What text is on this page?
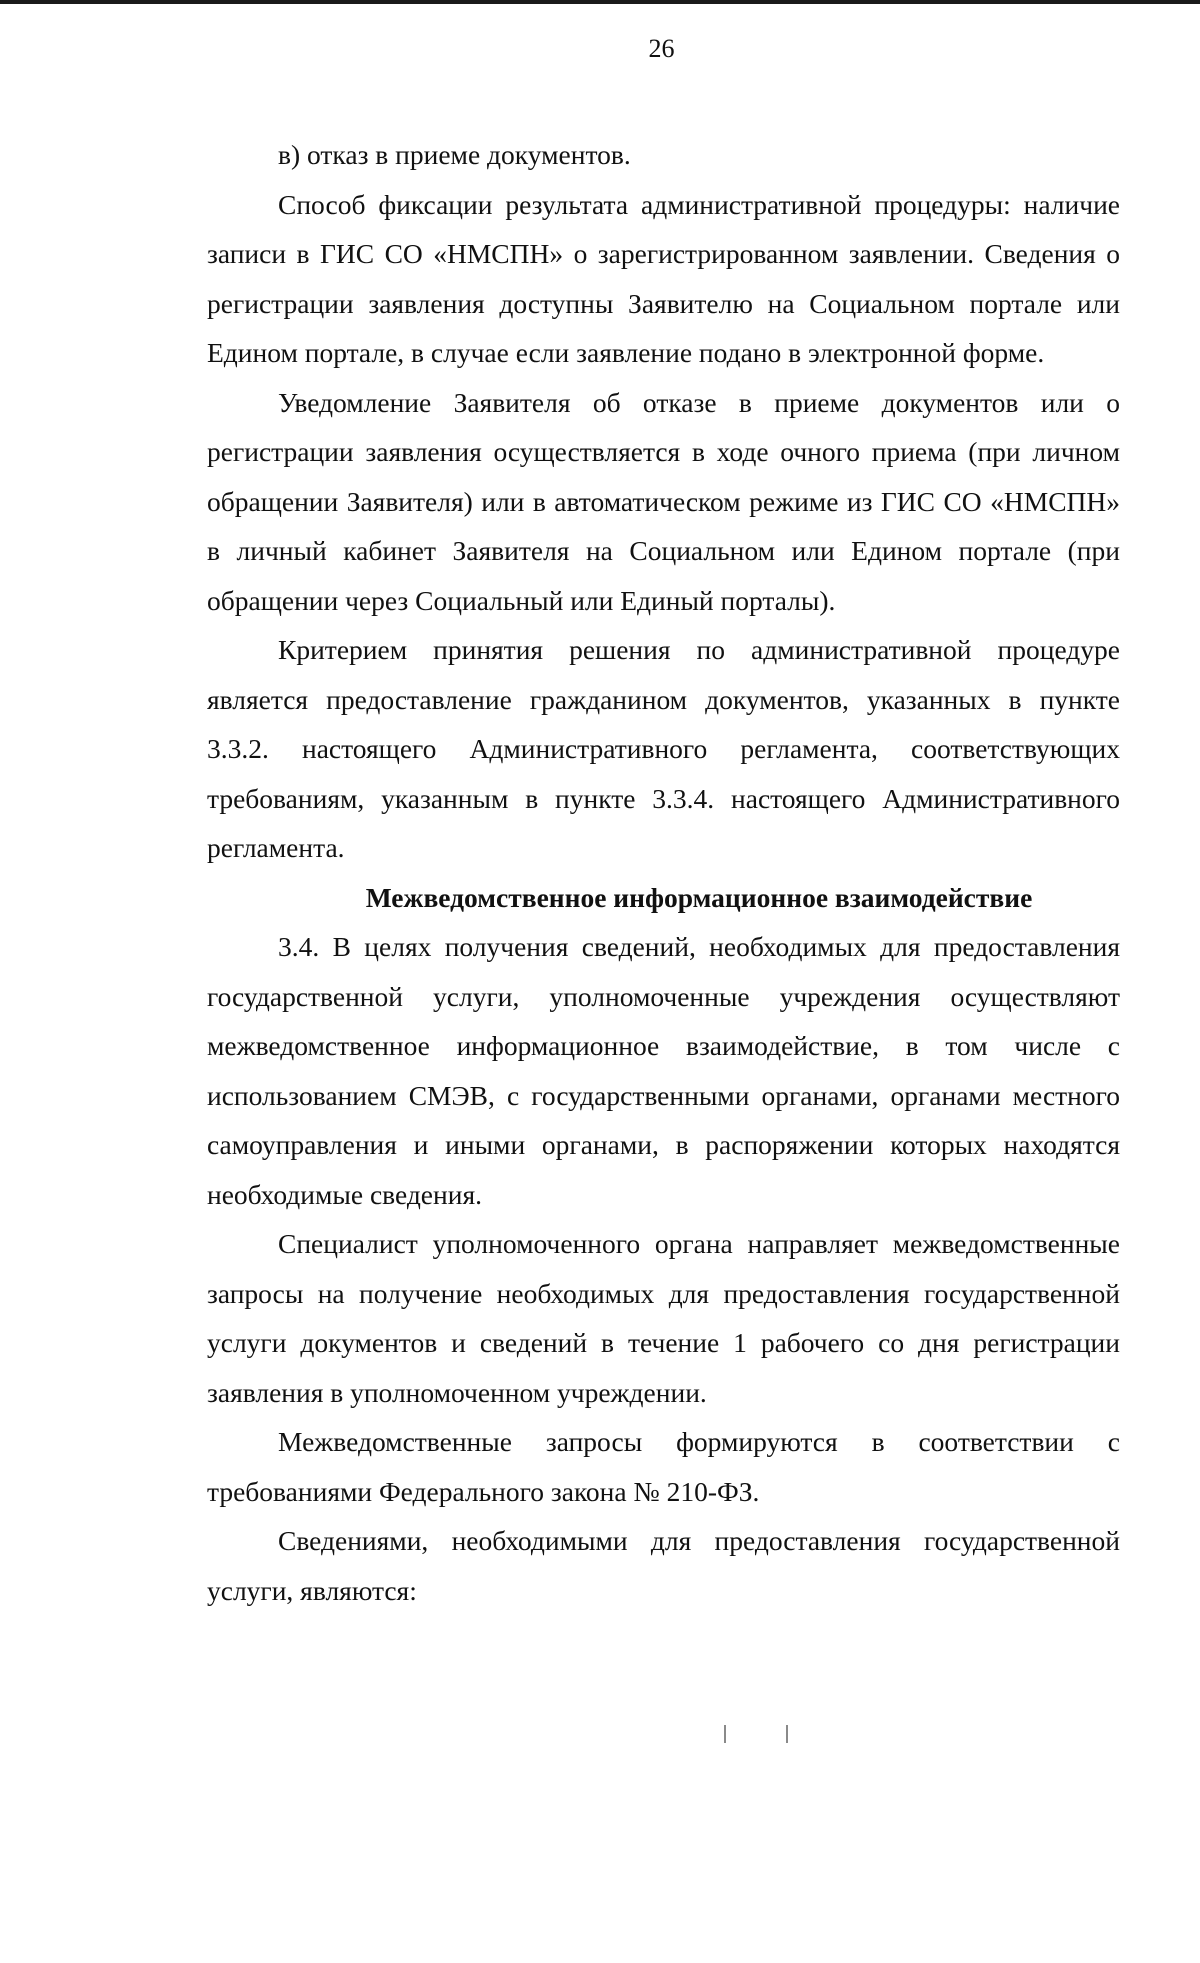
26

в) отказ в приеме документов.

Способ фиксации результата административной процедуры: наличие записи в ГИС СО «НМСПН» о зарегистрированном заявлении. Сведения о регистрации заявления доступны Заявителю на Социальном портале или Едином портале, в случае если заявление подано в электронной форме.

Уведомление Заявителя об отказе в приеме документов или о регистрации заявления осуществляется в ходе очного приема (при личном обращении Заявителя) или в автоматическом режиме из ГИС СО «НМСПН» в личный кабинет Заявителя на Социальном или Едином портале (при обращении через Социальный или Единый порталы).

Критерием принятия решения по административной процедуре является предоставление гражданином документов, указанных в пункте 3.3.2. настоящего Административного регламента, соответствующих требованиям, указанным в пункте 3.3.4. настоящего Административного регламента.

Межведомственное информационное взаимодействие

3.4. В целях получения сведений, необходимых для предоставления государственной услуги, уполномоченные учреждения осуществляют межведомственное информационное взаимодействие, в том числе с использованием СМЭВ, с государственными органами, органами местного самоуправления и иными органами, в распоряжении которых находятся необходимые сведения.

Специалист уполномоченного органа направляет межведомственные запросы на получение необходимых для предоставления государственной услуги документов и сведений в течение 1 рабочего со дня регистрации заявления в уполномоченном учреждении.

Межведомственные запросы формируются в соответствии с требованиями Федерального закона № 210-ФЗ.

Сведениями, необходимыми для предоставления государственной услуги, являются:
